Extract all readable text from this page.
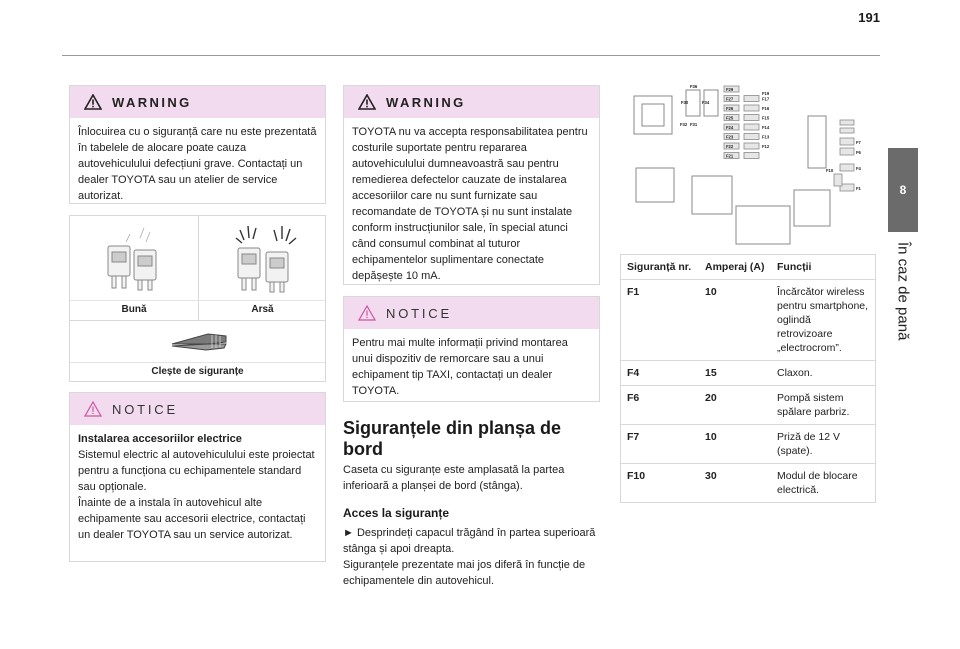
191
8
În caz de pană
WARNING
Înlocuirea cu o siguranță care nu este prezentată în tabelele de alocare poate cauza autovehiculului defecțiuni grave. Contactați un dealer TOYOTA sau un atelier de service autorizat.
Bună	Arsă
Clește de siguranțe
NOTICE
Instalarea accesoriilor electrice
Sistemul electric al autovehiculului este proiectat pentru a funcționa cu echipamentele standard sau opționale.
Înainte de a instala în autovehicul alte echipamente sau accesorii electrice, contactați un dealer TOYOTA sau un service autorizat.
WARNING
TOYOTA nu va accepta responsabilitatea pentru costurile suportate pentru repararea autovehiculului dumneavoastră sau pentru remedierea defectelor cauzate de instalarea accesoriilor care nu sunt furnizate sau recomandate de TOYOTA și nu sunt instalate conform instrucțiunilor sale, în special atunci când consumul combinat al tuturor echipamentelor suplimentare conectate depășește 10 mA.
NOTICE
Pentru mai multe informații privind montarea unui dispozitiv de remorcare sau a unui echipament tip TAXI, contactați un dealer TOYOTA.
Siguranțele din planșa de bord
Caseta cu siguranțe este amplasată la partea inferioară a planșei de bord (stânga).
Acces la siguranțe
► Desprindeți capacul trăgând în partea superioară stânga și apoi dreapta.
Siguranțele prezentate mai jos diferă în funcție de echipamentele din autovehicul.
F36
F30	F34
F32 F31
F29
F19
F27	F17
F26	F16
F25	F15
F24	F14
F23	F13
F22	F12
F21
F7
F6
F4
F10
F1
Siguranță nr.	Amperaj (A)	Funcții
F1	10	Încărcător wireless pentru smartphone, oglindă retrovizoare „electrocrom”.
F4	15	Claxon.
F6	20	Pompă sistem spălare parbriz.
F7	10	Priză de 12 V (spate).
F10	30	Modul de blocare electrică.
